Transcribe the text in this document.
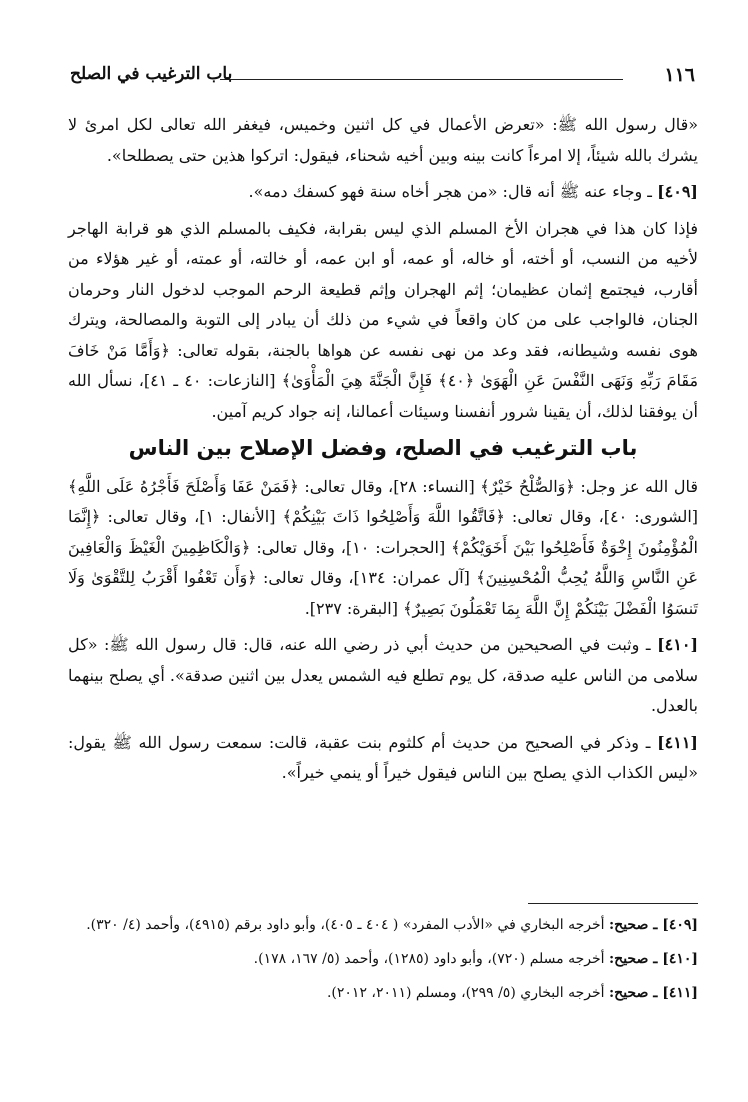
١١٦
باب الترغيب في الصلح

«قال رسول الله ﷺ: «تعرض الأعمال في كل اثنين وخميس، فيغفر الله تعالى لكل امرئ لا يشرك بالله شيئاً، إلا امرءاً كانت بينه وبين أخيه شحناء، فيقول: اتركوا هذين حتى يصطلحا».

[٤٠٩] ـ وجاء عنه ﷺ أنه قال: «من هجر أخاه سنة فهو كسفك دمه».

فإذا كان هذا في هجران الأخ المسلم الذي ليس بقرابة، فكيف بالمسلم الذي هو قرابة الهاجر لأخيه من النسب، أو أخته، أو خاله، أو عمه، أو ابن عمه، أو خالته، أو عمته، أو غير هؤلاء من أقارب، فيجتمع إثمان عظيمان؛ إثم الهجران وإثم قطيعة الرحم الموجب لدخول النار وحرمان الجنان، فالواجب على من كان واقعاً في شيء من ذلك أن يبادر إلى التوبة والمصالحة، ويترك هوى نفسه وشيطانه، فقد وعد من نهى نفسه عن هواها بالجنة، بقوله تعالى: ﴿وَأَمَّا مَنْ خَافَ مَقَامَ رَبِّهِ وَنَهَى النَّفْسَ عَنِ الْهَوَىٰ ﴿٤٠﴾ فَإِنَّ الْجَنَّةَ هِيَ الْمَأْوَىٰ﴾ [النازعات: ٤٠ ـ ٤١]، نسأل الله أن يوفقنا لذلك، أن يقينا شرور أنفسنا وسيئات أعمالنا، إنه جواد كريم آمين.

باب الترغيب في الصلح، وفضل الإصلاح بين الناس

قال الله عز وجل: ﴿وَالصُّلْحُ خَيْرٌ﴾ [النساء: ٢٨]، وقال تعالى: ﴿فَمَنْ عَفَا وَأَصْلَحَ فَأَجْرُهُ عَلَى اللَّهِ﴾ [الشورى: ٤٠]، وقال تعالى: ﴿فَاتَّقُوا اللَّهَ وَأَصْلِحُوا ذَاتَ بَيْنِكُمْ﴾ [الأنفال: ١]، وقال تعالى: ﴿إِنَّمَا الْمُؤْمِنُونَ إِخْوَةٌ فَأَصْلِحُوا بَيْنَ أَخَوَيْكُمْ﴾ [الحجرات: ١٠]، وقال تعالى: ﴿وَالْكَاظِمِينَ الْغَيْظَ وَالْعَافِينَ عَنِ النَّاسِ وَاللَّهُ يُحِبُّ الْمُحْسِنِينَ﴾ [آل عمران: ١٣٤]، وقال تعالى: ﴿وَأَن تَعْفُوا أَقْرَبُ لِلتَّقْوَىٰ وَلَا تَنسَوُا الْفَضْلَ بَيْنَكُمْ إِنَّ اللَّهَ بِمَا تَعْمَلُونَ بَصِيرٌ﴾ [البقرة: ٢٣٧].

[٤١٠] ـ وثبت في الصحيحين من حديث أبي ذر رضي الله عنه، قال: قال رسول الله ﷺ: «كل سلامى من الناس عليه صدقة، كل يوم تطلع فيه الشمس يعدل بين اثنين صدقة». أي يصلح بينهما بالعدل.

[٤١١] ـ وذكر في الصحيح من حديث أم كلثوم بنت عقبة، قالت: سمعت رسول الله ﷺ يقول: «ليس الكذاب الذي يصلح بين الناس فيقول خيراً أو ينمي خيراً».

[٤٠٩] ـ صحيح: أخرجه البخاري في «الأدب المفرد» ( ٤٠٤ ـ ٤٠٥)، وأبو داود برقم (٤٩١٥)، وأحمد (٤/ ٣٢٠).

[٤١٠] ـ صحيح: أخرجه مسلم (٧٢٠)، وأبو داود (١٢٨٥)، وأحمد (٥/ ١٦٧، ١٧٨).

[٤١١] ـ صحيح: أخرجه البخاري (٥/ ٢٩٩)، ومسلم (٢٠١١، ٢٠١٢).
